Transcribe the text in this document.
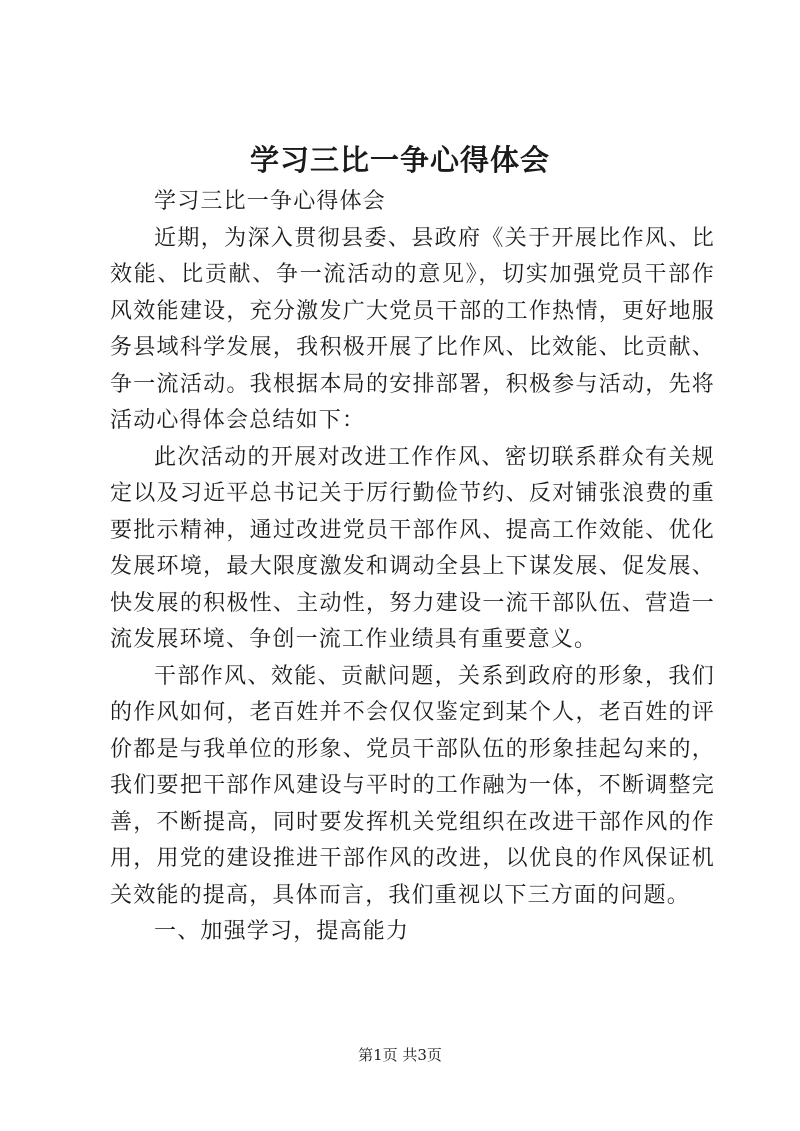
学习三比一争心得体会

学习三比一争心得体会

近期，为深入贯彻县委、县政府《关于开展比作风、比效能、比贡献、争一流活动的意见》，切实加强党员干部作风效能建设，充分激发广大党员干部的工作热情，更好地服务县域科学发展，我积极开展了比作风、比效能、比贡献、争一流活动。我根据本局的安排部署，积极参与活动，先将活动心得体会总结如下：

此次活动的开展对改进工作作风、密切联系群众有关规定以及习近平总书记关于厉行勤俭节约、反对铺张浪费的重要批示精神，通过改进党员干部作风、提高工作效能、优化发展环境，最大限度激发和调动全县上下谋发展、促发展、快发展的积极性、主动性，努力建设一流干部队伍、营造一流发展环境、争创一流工作业绩具有重要意义。

干部作风、效能、贡献问题，关系到政府的形象，我们的作风如何，老百姓并不会仅仅鉴定到某个人，老百姓的评价都是与我单位的形象、党员干部队伍的形象挂起勾来的，我们要把干部作风建设与平时的工作融为一体，不断调整完善，不断提高，同时要发挥机关党组织在改进干部作风的作用，用党的建设推进干部作风的改进，以优良的作风保证机关效能的提高，具体而言，我们重视以下三方面的问题。

一、加强学习，提高能力

第1页 共3页
